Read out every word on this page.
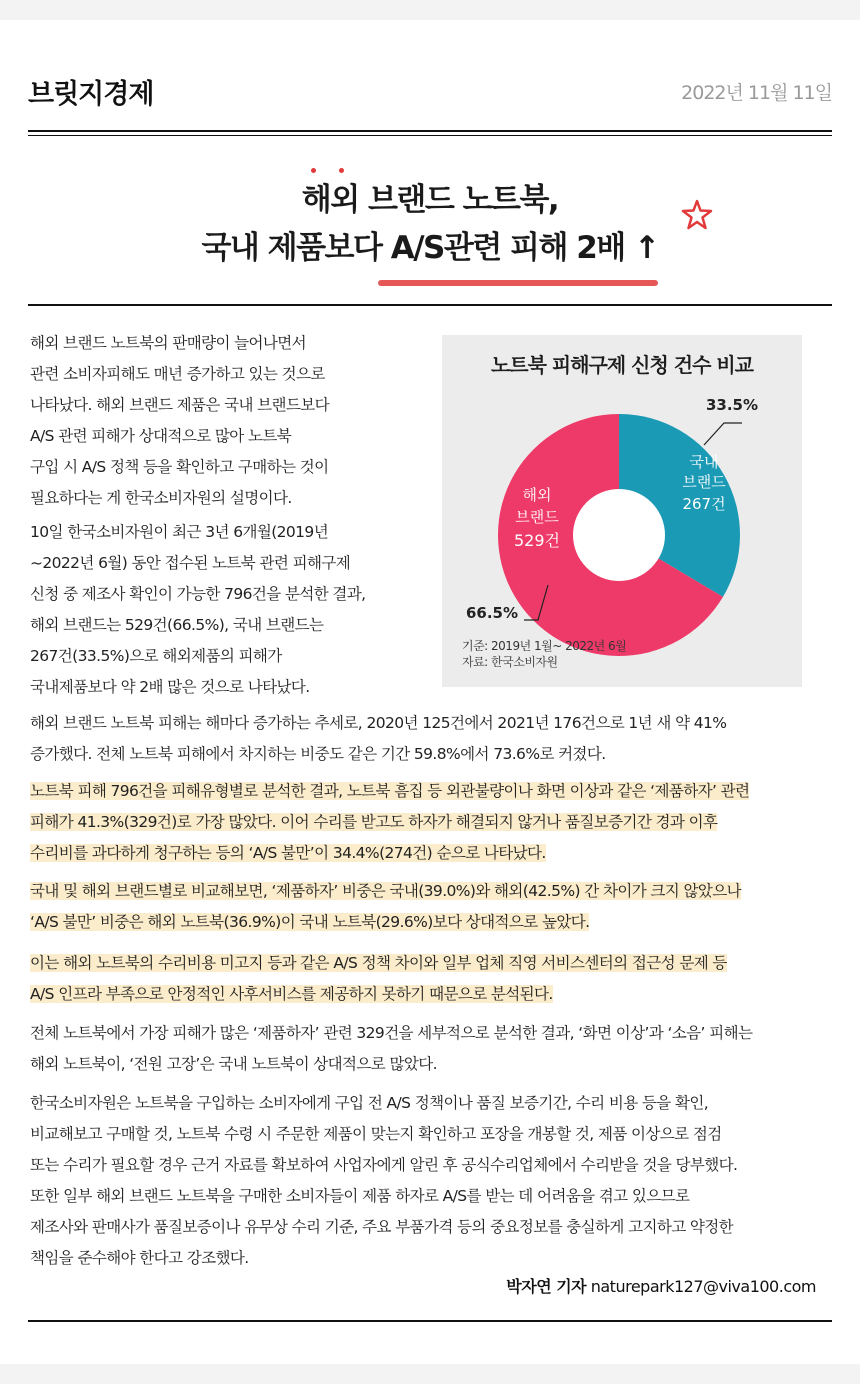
브릿지경제	2022년 11월 11일
해외 브랜드 노트북,
국내 제품보다 A/S관련 피해 2배 ↑
해외 브랜드 노트북의 판매량이 늘어나면서
관련 소비자피해도 매년 증가하고 있는 것으로
나타났다. 해외 브랜드 제품은 국내 브랜드보다
A/S 관련 피해가 상대적으로 많아 노트북
구입 시 A/S 정책 등을 확인하고 구매하는 것이
필요하다는 게 한국소비자원의 설명이다.
10일 한국소비자원이 최근 3년 6개월(2019년
~2022년 6월) 동안 접수된 노트북 관련 피해구제
신청 중 제조사 확인이 가능한 796건을 분석한 결과,
해외 브랜드는 529건(66.5%), 국내 브랜드는
267건(33.5%)으로 해외제품의 피해가
국내제품보다 약 2배 많은 것으로 나타났다.
노트북 피해구제 신청 건수 비교
33.5%
66.5%
국내
브랜드
267건
해외
브랜드
529건
기준: 2019년 1월~ 2022년 6월
자료: 한국소비자원
해외 브랜드 노트북 피해는 해마다 증가하는 추세로, 2020년 125건에서 2021년 176건으로 1년 새 약 41%
증가했다. 전체 노트북 피해에서 차지하는 비중도 같은 기간 59.8%에서 73.6%로 커졌다.
노트북 피해 796건을 피해유형별로 분석한 결과, 노트북 흠집 등 외관불량이나 화면 이상과 같은 ‘제품하자’ 관련
피해가 41.3%(329건)로 가장 많았다. 이어 수리를 받고도 하자가 해결되지 않거나 품질보증기간 경과 이후
수리비를 과다하게 청구하는 등의 ‘A/S 불만’이 34.4%(274건) 순으로 나타났다.
국내 및 해외 브랜드별로 비교해보면, ‘제품하자’ 비중은 국내(39.0%)와 해외(42.5%) 간 차이가 크지 않았으나
‘A/S 불만’ 비중은 해외 노트북(36.9%)이 국내 노트북(29.6%)보다 상대적으로 높았다.
이는 해외 노트북의 수리비용 미고지 등과 같은 A/S 정책 차이와 일부 업체 직영 서비스센터의 접근성 문제 등
A/S 인프라 부족으로 안정적인 사후서비스를 제공하지 못하기 때문으로 분석된다.
전체 노트북에서 가장 피해가 많은 ‘제품하자’ 관련 329건을 세부적으로 분석한 결과, ‘화면 이상’과 ‘소음’ 피해는
해외 노트북이, ‘전원 고장’은 국내 노트북이 상대적으로 많았다.
한국소비자원은 노트북을 구입하는 소비자에게 구입 전 A/S 정책이나 품질 보증기간, 수리 비용 등을 확인,
비교해보고 구매할 것, 노트북 수령 시 주문한 제품이 맞는지 확인하고 포장을 개봉할 것, 제품 이상으로 점검
또는 수리가 필요할 경우 근거 자료를 확보하여 사업자에게 알린 후 공식수리업체에서 수리받을 것을 당부했다.
또한 일부 해외 브랜드 노트북을 구매한 소비자들이 제품 하자로 A/S를 받는 데 어려움을 겪고 있으므로
제조사와 판매사가 품질보증이나 유무상 수리 기준, 주요 부품가격 등의 중요정보를 충실하게 고지하고 약정한
책임을 준수해야 한다고 강조했다.
박자연 기자 naturepark127@viva100.com
